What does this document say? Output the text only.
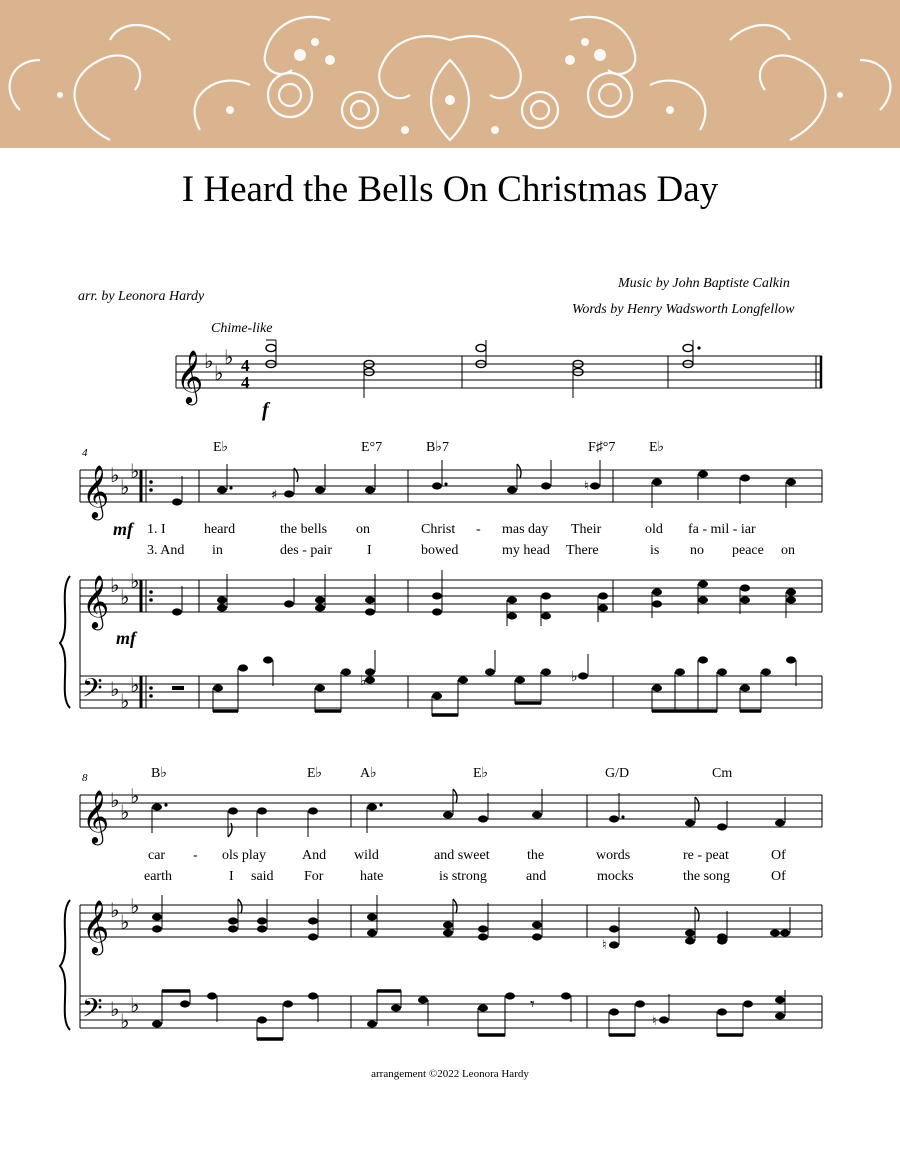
I Heard the Bells On Christmas Day
arr. by Leonora Hardy
Music by John Baptiste Calkin
Words by Henry Wadsworth Longfellow
𝄞 ♭ ♭
♭ 4
4
Chime-like
f
4	E♭	E°7	B♭7	F♯°7 E♭
𝄞 ♭ ♭
♭
♯
♮
mf 1. I	heard	the bells on	Christ - mas day Their	old fa - mil - iar
3. And in	des - pair I	bowed	my head There	is no peace on
𝄞 ♭ ♭
♭
mf
𝄢 ♭ ♭
♭	♭	♭
8	B♭	E♭	A♭	E♭	G/D	Cm
𝄞 ♭ ♭
♭
car - ols play	And wild	and sweet	the	words	re - peat	Of
earth	I said For	hate	is strong	and	mocks	the song	Of
𝄞 ♭ ♭
♭
♮
𝄢 ♭ ♭
♭	𝄾
♮
arrangement ©2022 Leonora Hardy
